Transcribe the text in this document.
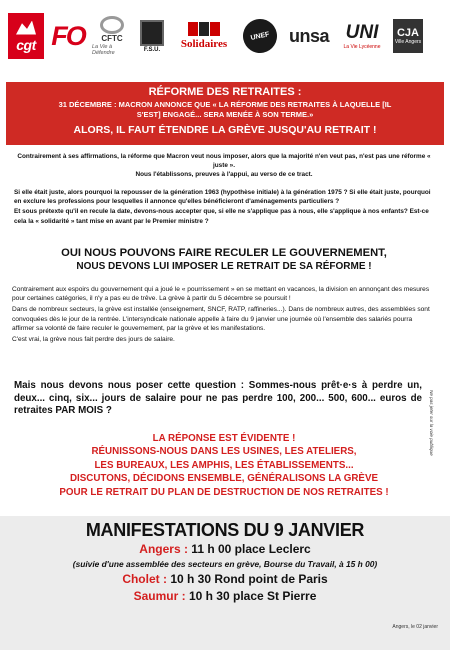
cgt FO CFTC
La Vie à Défendre
F.S.U. Solidaires
UNEF	unsa UNI
La Vie Lycéenne
CJA
Ville Angers
RÉFORME DES RETRAITES :
31 DÉCEMBRE : MACRON ANNONCE QUE « LA RÉFORME DES RETRAITES À LAQUELLE [IL S'EST] ENGAGÉ... SERA MENÉE À SON TERME.»
ALORS, IL FAUT ÉTENDRE LA GRÈVE JUSQU'AU RETRAIT !

Contrairement à ses affirmations, la réforme que Macron veut nous imposer, alors que la majorité n'en veut pas, n'est pas une réforme « juste ».

Nous l'établissons, preuves à l'appui, au verso de ce tract.

Si elle était juste, alors pourquoi la repousser de la génération 1963 (hypothèse initiale) à la génération 1975 ? Si elle était juste, pourquoi en exclure les professions pour lesquelles il annonce qu'elles bénéficieront d'aménagements particuliers ?

Et sous prétexte qu'il en recule la date, devons-nous accepter que, si elle ne s'applique pas à nous, elle s'applique à nos enfants? Est-ce cela la « solidarité » tant mise en avant par le Premier ministre ?

OUI NOUS POUVONS FAIRE RECULER LE GOUVERNEMENT,
NOUS DEVONS LUI IMPOSER LE RETRAIT DE SA RÉFORME !

Contrairement aux espoirs du gouvernement qui a joué le « pourrissement » en se mettant en vacances, la division en annonçant des mesures pour certaines catégories, il n'y a pas eu de trêve. La grève à partir du 5 décembre se poursuit !

Dans de nombreux secteurs, la grève est installée (enseignement, SNCF, RATP, raffineries...). Dans de nombreux autres, des assemblées sont convoquées dès le jour de la rentrée. L'intersyndicale nationale appelle à faire du 9 janvier une journée où l'ensemble des salariés pourra affirmer sa volonté de faire reculer le gouvernement, par la grève et les manifestations.

C'est vrai, la grève nous fait perdre des jours de salaire.

Mais nous devons nous poser cette question : Sommes-nous prêt·e·s à perdre un, deux... cinq, six... jours de salaire pour ne pas perdre 100, 200... 500, 600... euros de retraites PAR MOIS ?	Ne pas jeter sur la voie publique
LA RÉPONSE EST ÉVIDENTE !
RÉUNISSONS-NOUS DANS LES USINES, LES ATELIERS,
LES BUREAUX, LES AMPHIS, LES ÉTABLISSEMENTS...
DISCUTONS, DÉCIDONS ENSEMBLE, GÉNÉRALISONS LA GRÈVE
POUR LE RETRAIT DU PLAN DE DESTRUCTION DE NOS RETRAITES !
MANIFESTATIONS DU 9 JANVIER
Angers : 11 h 00 place Leclerc
(suivie d'une assemblée des secteurs en grève, Bourse du Travail, à 15 h 00)
Cholet : 10 h 30 Rond point de Paris
Saumur : 10 h 30 place St Pierre
Angers, le 02 janvier
